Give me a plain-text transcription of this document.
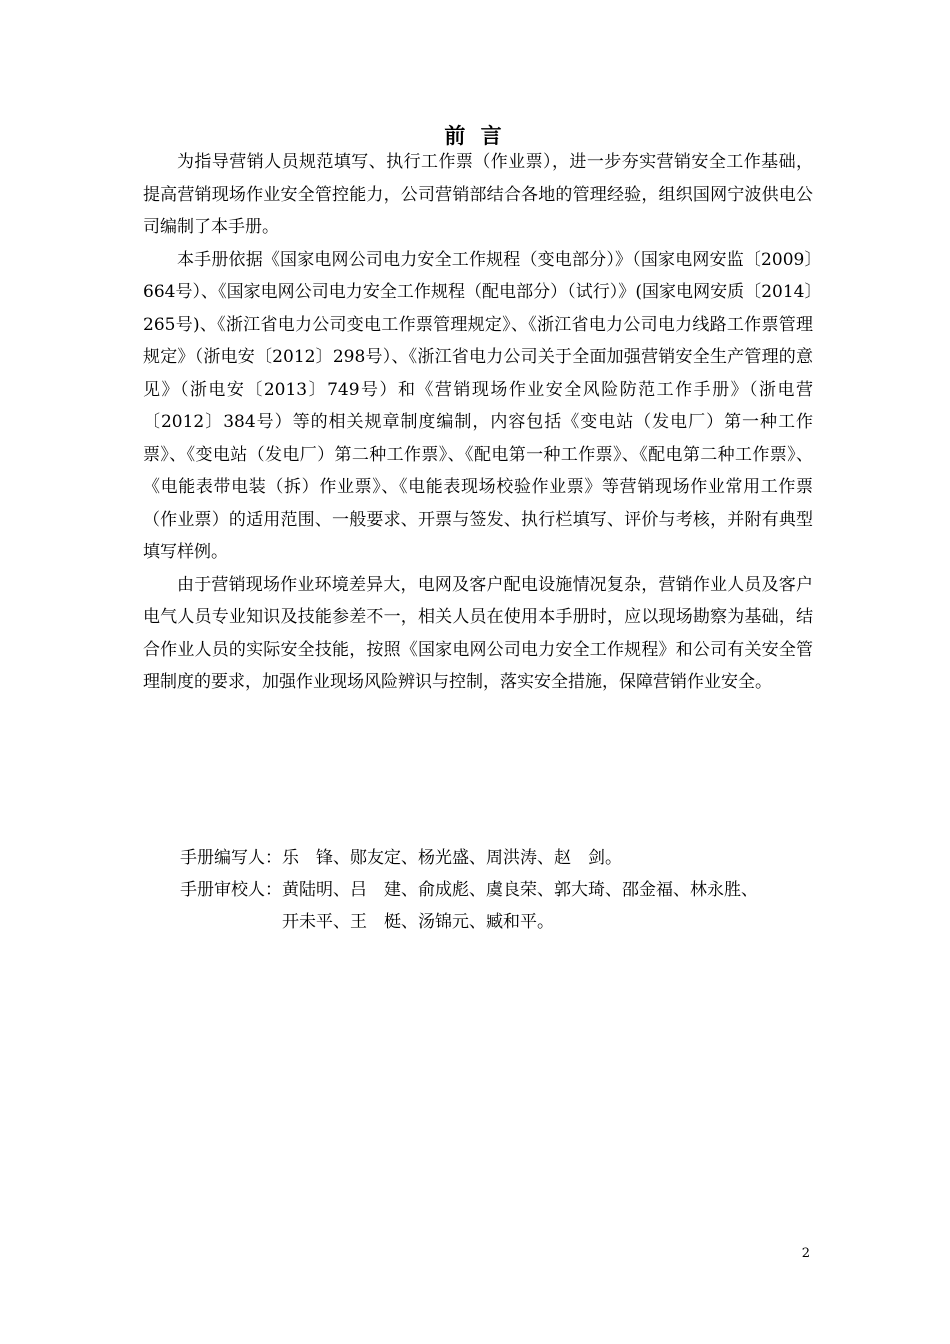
前 言

为指导营销人员规范填写、执行工作票（作业票），进一步夯实营销安全工作基础，提高营销现场作业安全管控能力，公司营销部结合各地的管理经验，组织国网宁波供电公司编制了本手册。

本手册依据《国家电网公司电力安全工作规程（变电部分）》（国家电网安监〔2009〕664号）、《国家电网公司电力安全工作规程（配电部分）（试行）》(国家电网安质〔2014〕265号)、《浙江省电力公司变电工作票管理规定》、《浙江省电力公司电力线路工作票管理规定》（浙电安〔2012〕298号）、《浙江省电力公司关于全面加强营销安全生产管理的意见》（浙电安〔2013〕749号）和《营销现场作业安全风险防范工作手册》（浙电营〔2012〕384号）等的相关规章制度编制，内容包括《变电站（发电厂）第一种工作票》、《变电站（发电厂）第二种工作票》、《配电第一种工作票》、《配电第二种工作票》、《电能表带电装（拆）作业票》、《电能表现场校验作业票》等营销现场作业常用工作票（作业票）的适用范围、一般要求、开票与签发、执行栏填写、评价与考核，并附有典型填写样例。

由于营销现场作业环境差异大，电网及客户配电设施情况复杂，营销作业人员及客户电气人员专业知识及技能参差不一，相关人员在使用本手册时，应以现场勘察为基础，结合作业人员的实际安全技能，按照《国家电网公司电力安全工作规程》和公司有关安全管理制度的要求，加强作业现场风险辨识与控制，落实安全措施，保障营销作业安全。

手册编写人： 乐　锋、郧友定、杨光盛、周洪涛、赵　剑。
手册审校人： 黄陆明、吕　建、俞成彪、虞良荣、郭大琦、邵金福、林永胜、
开未平、王　梃、汤锦元、臧和平。
2
